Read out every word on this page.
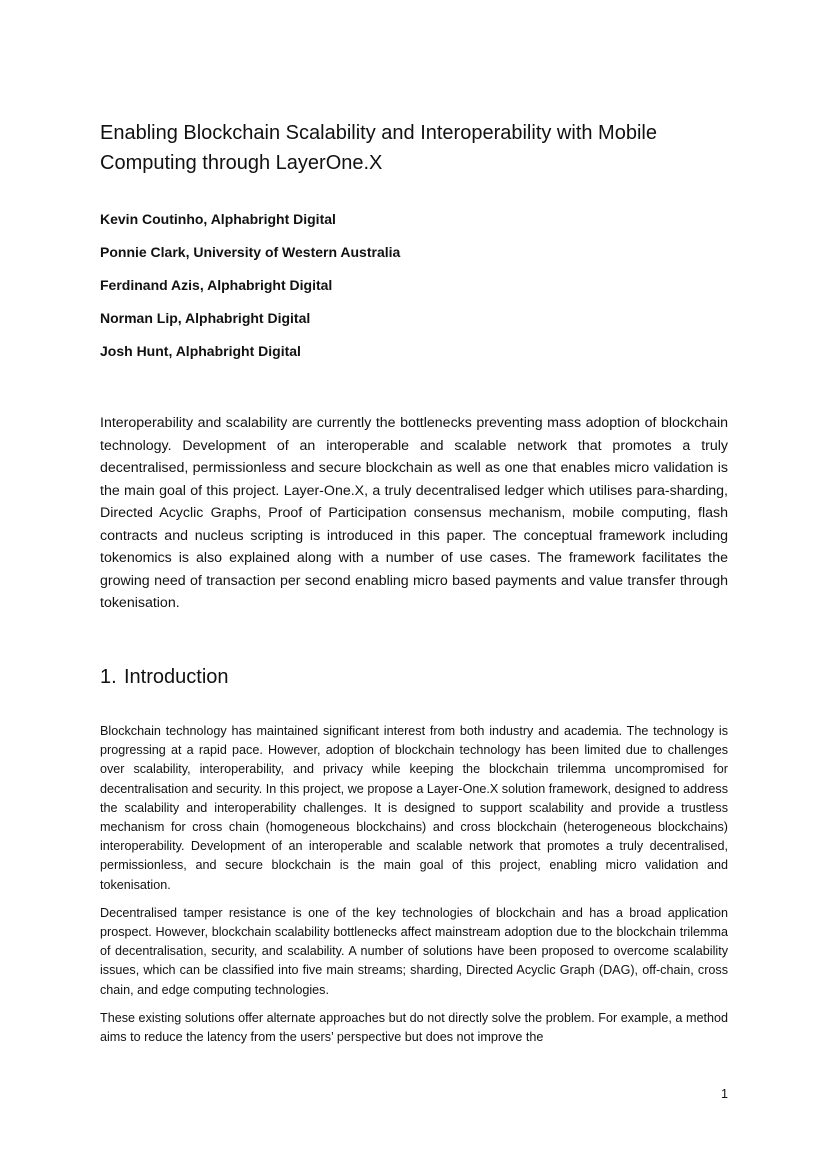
Enabling Blockchain Scalability and Interoperability with Mobile Computing through LayerOne.X
Kevin Coutinho, Alphabright Digital
Ponnie Clark, University of Western Australia
Ferdinand Azis, Alphabright Digital
Norman Lip, Alphabright Digital
Josh Hunt, Alphabright Digital

Interoperability and scalability are currently the bottlenecks preventing mass adoption of blockchain technology. Development of an interoperable and scalable network that promotes a truly decentralised, permissionless and secure blockchain as well as one that enables micro validation is the main goal of this project. Layer-One.X, a truly decentralised ledger which utilises para-sharding, Directed Acyclic Graphs, Proof of Participation consensus mechanism, mobile computing, flash contracts and nucleus scripting is introduced in this paper. The conceptual framework including tokenomics is also explained along with a number of use cases. The framework facilitates the growing need of transaction per second enabling micro based payments and value transfer through tokenisation.

1. Introduction

Blockchain technology has maintained significant interest from both industry and academia. The technology is progressing at a rapid pace. However, adoption of blockchain technology has been limited due to challenges over scalability, interoperability, and privacy while keeping the blockchain trilemma uncompromised for decentralisation and security. In this project, we propose a Layer-One.X solution framework, designed to address the scalability and interoperability challenges. It is designed to support scalability and provide a trustless mechanism for cross chain (homogeneous blockchains) and cross blockchain (heterogeneous blockchains) interoperability. Development of an interoperable and scalable network that promotes a truly decentralised, permissionless, and secure blockchain is the main goal of this project, enabling micro validation and tokenisation.

Decentralised tamper resistance is one of the key technologies of blockchain and has a broad application prospect. However, blockchain scalability bottlenecks affect mainstream adoption due to the blockchain trilemma of decentralisation, security, and scalability. A number of solutions have been proposed to overcome scalability issues, which can be classified into five main streams; sharding, Directed Acyclic Graph (DAG), off-chain, cross chain, and edge computing technologies.

These existing solutions offer alternate approaches but do not directly solve the problem. For example, a method aims to reduce the latency from the users’ perspective but does not improve the

1
